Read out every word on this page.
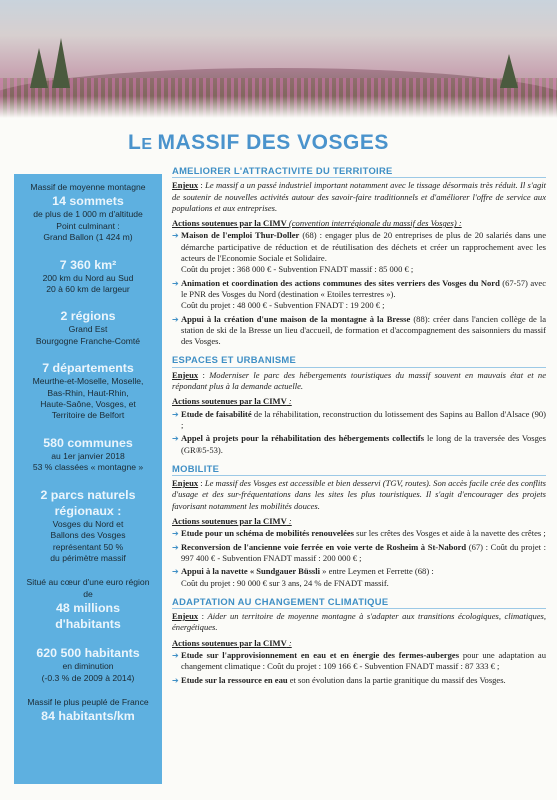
LE MASSIF DES VOSGES
Massif de moyenne montagne
14 sommets
de plus de 1 000 m d'altitude
Point culminant :
Grand Ballon (1 424 m)
7 360 km²
200 km du Nord au Sud
20 à 60 km de largeur
2 régions
Grand Est
Bourgogne Franche-Comté
7 départements
Meurthe-et-Moselle, Moselle,
Bas-Rhin, Haut-Rhin,
Haute-Saône, Vosges, et
Territoire de Belfort
580 communes
au 1er janvier 2018
53 % classées « montagne »
2 parcs naturels
régionaux :
Vosges du Nord et
Ballons des Vosges
représentant 50 %
du périmètre massif
Situé au cœur d'une euro région
de
48 millions
d'habitants
620 500 habitants
en diminution
(-0.3 % de 2009 à 2014)
Massif le plus peuplé de France
84 habitants/km
AMELIORER L'ATTRACTIVITE DU TERRITOIRE
Enjeux : Le massif a un passé industriel important notamment avec le tissage désormais très réduit. Il s'agit de soutenir de nouvelles activités autour des savoir-faire traditionnels et d'améliorer l'offre de service aux populations et aux entreprises.
Actions soutenues par la CIMV (convention interrégionale du massif des Vosges) :
➔ Maison de l'emploi Thur-Doller (68) : engager plus de 20 entreprises de plus de 20 salariés dans une démarche participative de réduction et de réutilisation des déchets et créer un rapprochement avec les acteurs de l'Economie Sociale et Solidaire.
Coût du projet : 368 000 € - Subvention FNADT massif : 85 000 € ;
➔ Animation et coordination des actions communes des sites verriers des Vosges du Nord (67-57) avec le PNR des Vosges du Nord (destination « Etoiles terrestres »).
Coût du projet : 48 000 € - Subvention FNADT : 19 200 € ;
➔ Appui à la création d'une maison de la montagne à la Bresse (88): créer dans l'ancien collège de la station de ski de la Bresse un lieu d'accueil, de formation et d'accompagnement des saisonniers du massif des Vosges.
ESPACES ET URBANISME
Enjeux : Moderniser le parc des hébergements touristiques du massif souvent en mauvais état et ne répondant plus à la demande actuelle.
Actions soutenues par la CIMV :
➔ Etude de faisabilité de la réhabilitation, reconstruction du lotissement des Sapins au Ballon d'Alsace (90) ;
➔ Appel à projets pour la réhabilitation des hébergements collectifs le long de la traversée des Vosges (GR®5-53).
MOBILITE
Enjeux : Le massif des Vosges est accessible et bien desservi (TGV, routes). Son accès facile crée des conflits d'usage et des sur-fréquentations dans les sites les plus touristiques. Il s'agit d'encourager des projets favorisant notamment les mobilités douces.
Actions soutenues par la CIMV :
➔ Etude pour un schéma de mobilités renouvelées sur les crêtes des Vosges et aide à la navette des crêtes ;
➔ Reconversion de l'ancienne voie ferrée en voie verte de Rosheim à St-Nabord (67) : Coût du projet : 997 400 € - Subvention FNADT massif : 200 000 € ;
➔ Appui à la navette « Sundgauer Büssli » entre Leymen et Ferrette (68) :
Coût du projet : 90 000 € sur 3 ans, 24 % de FNADT massif.
ADAPTATION AU CHANGEMENT CLIMATIQUE
Enjeux : Aider un territoire de moyenne montagne à s'adapter aux transitions écologiques, climatiques, énergétiques.
Actions soutenues par la CIMV :
➔ Etude sur l'approvisionnement en eau et en énergie des fermes-auberges pour une adaptation au changement climatique : Coût du projet : 109 166 € - Subvention FNADT massif : 87 333 € ;
➔ Etude sur la ressource en eau et son évolution dans la partie granitique du massif des Vosges.
